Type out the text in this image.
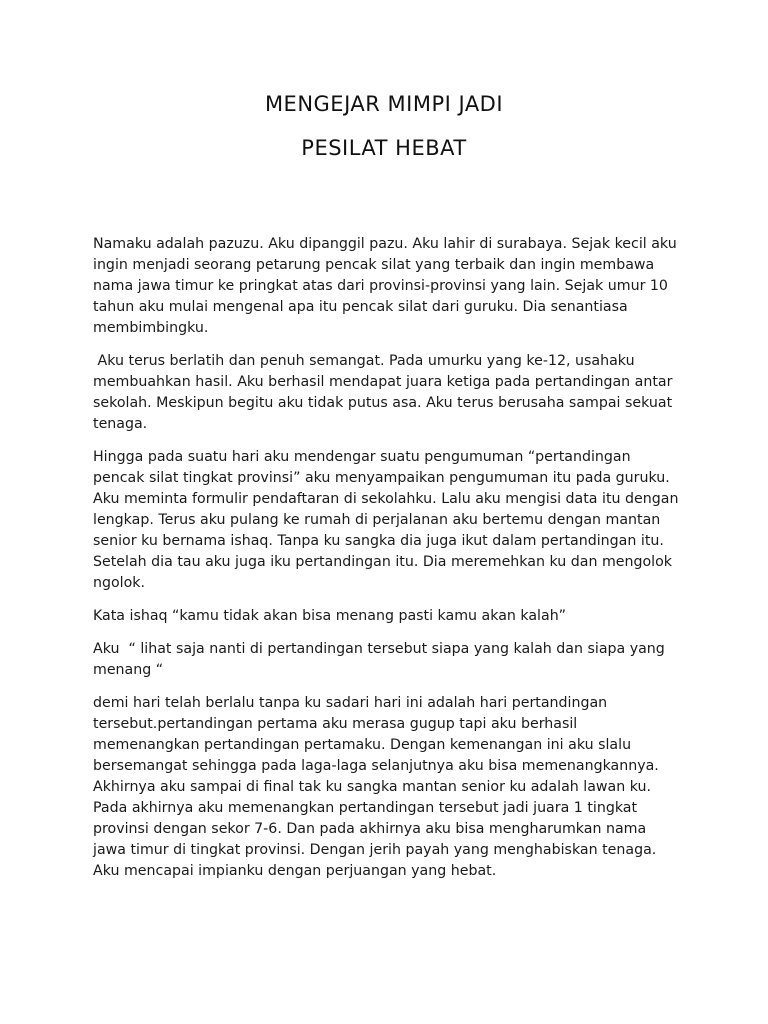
MENGEJAR MIMPI JADI
PESILAT HEBAT

Namaku adalah pazuzu. Aku dipanggil pazu. Aku lahir di surabaya. Sejak kecil aku ingin menjadi seorang petarung pencak silat yang terbaik dan ingin membawa nama jawa timur ke pringkat atas dari provinsi-provinsi yang lain. Sejak umur 10 tahun aku mulai mengenal apa itu pencak silat dari guruku. Dia senantiasa membimbingku.

Aku terus berlatih dan penuh semangat. Pada umurku yang ke-12, usahaku membuahkan hasil. Aku berhasil mendapat juara ketiga pada pertandingan antar sekolah. Meskipun begitu aku tidak putus asa. Aku terus berusaha sampai sekuat tenaga.

Hingga pada suatu hari aku mendengar suatu pengumuman “pertandingan pencak silat tingkat provinsi” aku menyampaikan pengumuman itu pada guruku. Aku meminta formulir pendaftaran di sekolahku. Lalu aku mengisi data itu dengan lengkap. Terus aku pulang ke rumah di perjalanan aku bertemu dengan mantan senior ku bernama ishaq. Tanpa ku sangka dia juga ikut dalam pertandingan itu. Setelah dia tau aku juga iku pertandingan itu. Dia meremehkan ku dan mengolok ngolok.

Kata ishaq “kamu tidak akan bisa menang pasti kamu akan kalah”

Aku  “ lihat saja nanti di pertandingan tersebut siapa yang kalah dan siapa yang menang “

demi hari telah berlalu tanpa ku sadari hari ini adalah hari pertandingan tersebut.pertandingan pertama aku merasa gugup tapi aku berhasil memenangkan pertandingan pertamaku. Dengan kemenangan ini aku slalu bersemangat sehingga pada laga-laga selanjutnya aku bisa memenangkannya. Akhirnya aku sampai di final tak ku sangka mantan senior ku adalah lawan ku. Pada akhirnya aku memenangkan pertandingan tersebut jadi juara 1 tingkat provinsi dengan sekor 7-6. Dan pada akhirnya aku bisa mengharumkan nama jawa timur di tingkat provinsi. Dengan jerih payah yang menghabiskan tenaga. Aku mencapai impianku dengan perjuangan yang hebat.
